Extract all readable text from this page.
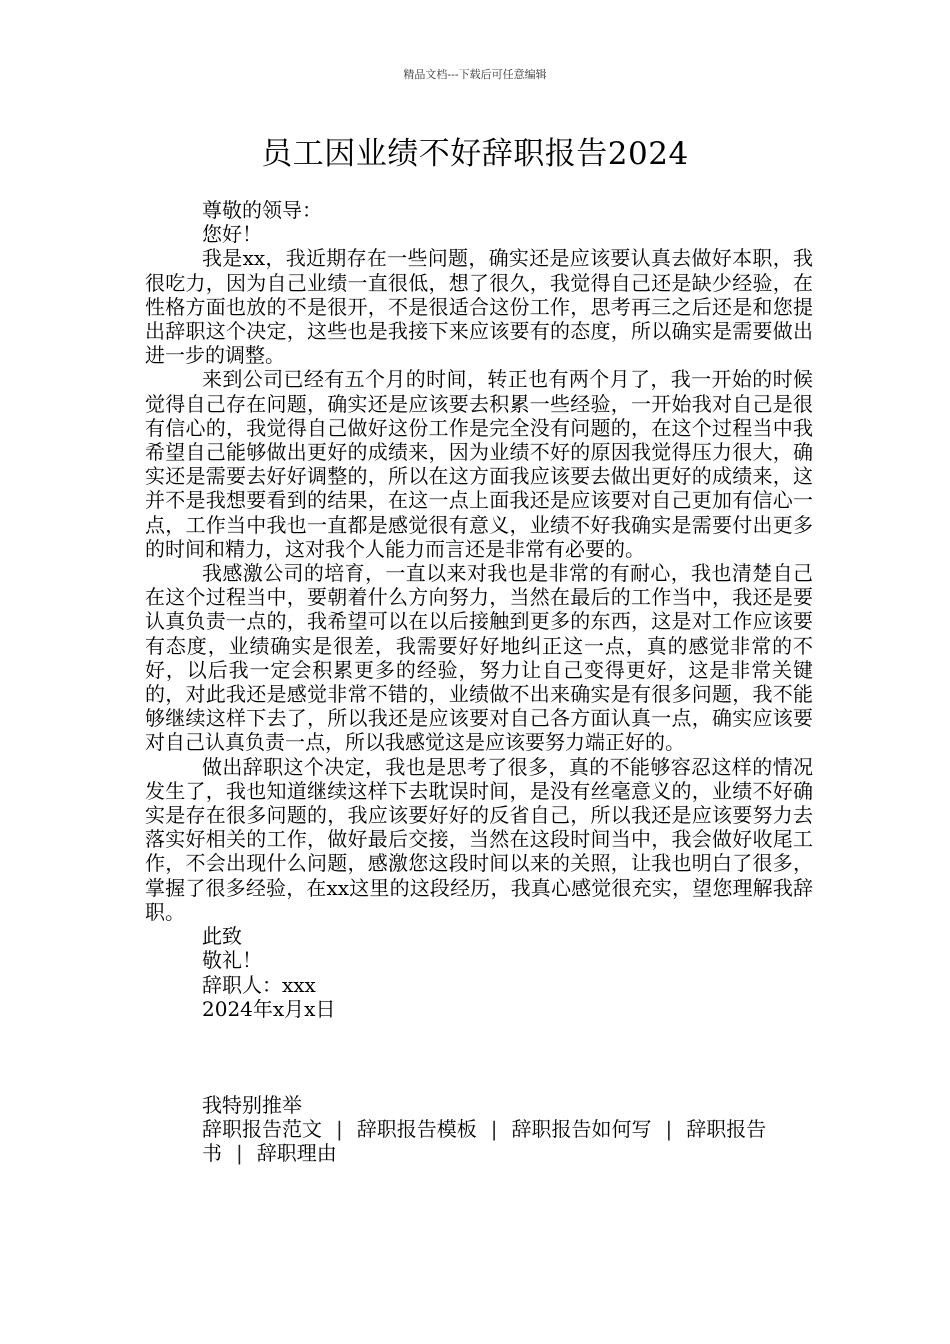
精品文档---下载后可任意编辑
员工因业绩不好辞职报告2024

尊敬的领导：

您好！

我是xx，我近期存在一些问题，确实还是应该要认真去做好本职，我很吃力，因为自己业绩一直很低，想了很久，我觉得自己还是缺少经验，在性格方面也放的不是很开，不是很适合这份工作，思考再三之后还是和您提出辞职这个决定，这些也是我接下来应该要有的态度，所以确实是需要做出进一步的调整。

来到公司已经有五个月的时间，转正也有两个月了，我一开始的时候觉得自己存在问题，确实还是应该要去积累一些经验，一开始我对自己是很有信心的，我觉得自己做好这份工作是完全没有问题的，在这个过程当中我希望自己能够做出更好的成绩来，因为业绩不好的原因我觉得压力很大，确实还是需要去好好调整的，所以在这方面我应该要去做出更好的成绩来，这并不是我想要看到的结果，在这一点上面我还是应该要对自己更加有信心一点，工作当中我也一直都是感觉很有意义，业绩不好我确实是需要付出更多的时间和精力，这对我个人能力而言还是非常有必要的。

我感激公司的培育，一直以来对我也是非常的有耐心，我也清楚自己在这个过程当中，要朝着什么方向努力，当然在最后的工作当中，我还是要认真负责一点的，我希望可以在以后接触到更多的东西，这是对工作应该要有态度，业绩确实是很差，我需要好好地纠正这一点，真的感觉非常的不好，以后我一定会积累更多的经验，努力让自己变得更好，这是非常关键的，对此我还是感觉非常不错的，业绩做不出来确实是有很多问题，我不能够继续这样下去了，所以我还是应该要对自己各方面认真一点，确实应该要对自己认真负责一点，所以我感觉这是应该要努力端正好的。

做出辞职这个决定，我也是思考了很多，真的不能够容忍这样的情况发生了，我也知道继续这样下去耽误时间，是没有丝毫意义的，业绩不好确实是存在很多问题的，我应该要好好的反省自己，所以我还是应该要努力去落实好相关的工作，做好最后交接，当然在这段时间当中，我会做好收尾工作，不会出现什么问题，感激您这段时间以来的关照，让我也明白了很多，掌握了很多经验，在xx这里的这段经历，我真心感觉很充实，望您理解我辞职。

此致

敬礼！

辞职人：xxx

2024年x月x日

我特别推举

辞职报告范文 | 辞职报告模板 | 辞职报告如何写 | 辞职报告书 | 辞职理由
